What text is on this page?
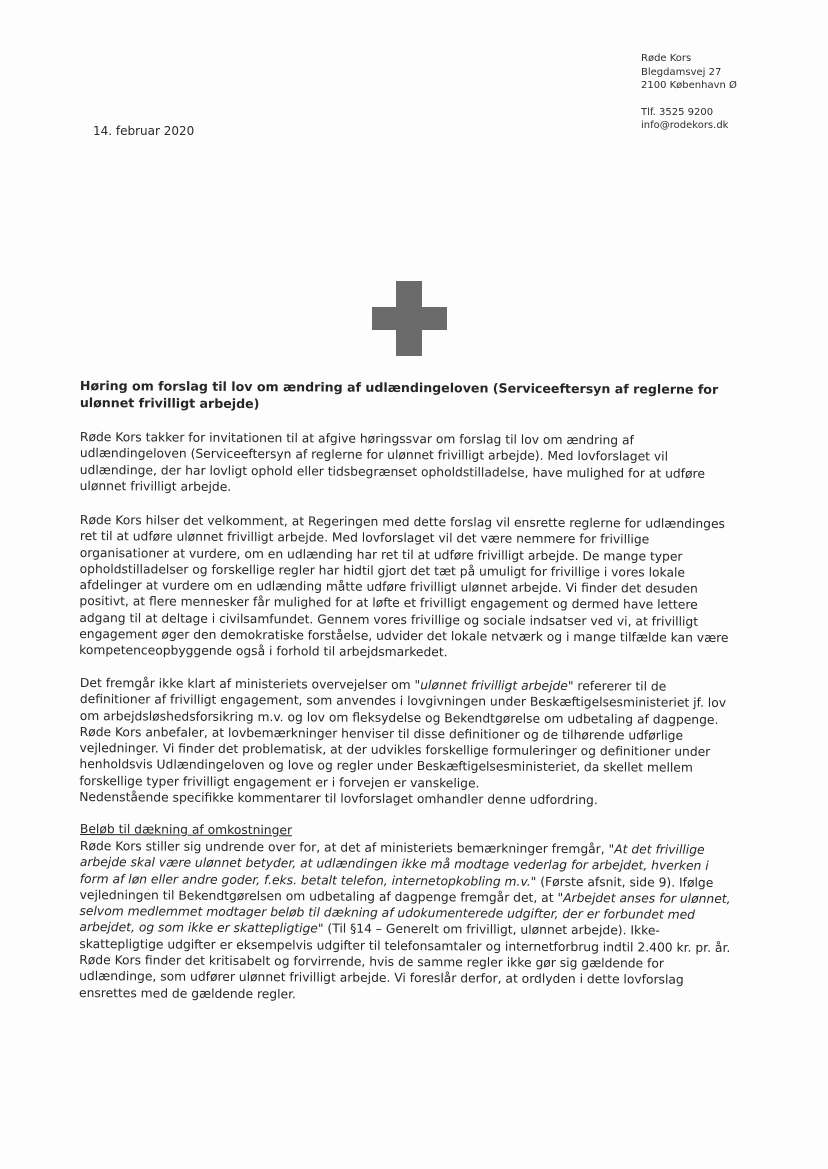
Røde Kors
Blegdamsvej 27
2100 København Ø
Tlf. 3525 9200
info@rodekors.dk
14. februar 2020

Høring om forslag til lov om ændring af udlændingeloven (Serviceeftersyn af reglerne for ulønnet frivilligt arbejde)

Røde Kors takker for invitationen til at afgive høringssvar om forslag til lov om ændring af udlændingeloven (Serviceeftersyn af reglerne for ulønnet frivilligt arbejde). Med lovforslaget vil udlændinge, der har lovligt ophold eller tidsbegrænset opholdstilladelse, have mulighed for at udføre ulønnet frivilligt arbejde.

Røde Kors hilser det velkomment, at Regeringen med dette forslag vil ensrette reglerne for udlændinges ret til at udføre ulønnet frivilligt arbejde. Med lovforslaget vil det være nemmere for frivillige organisationer at vurdere, om en udlænding har ret til at udføre frivilligt arbejde. De mange typer opholdstilladelser og forskellige regler har hidtil gjort det tæt på umuligt for frivillige i vores lokale afdelinger at vurdere om en udlænding måtte udføre frivilligt ulønnet arbejde. Vi finder det desuden positivt, at flere mennesker får mulighed for at løfte et frivilligt engagement og dermed have lettere adgang til at deltage i civilsamfundet. Gennem vores frivillige og sociale indsatser ved vi, at frivilligt engagement øger den demokratiske forståelse, udvider det lokale netværk og i mange tilfælde kan være kompetenceopbyggende også i forhold til arbejdsmarkedet.

Det fremgår ikke klart af ministeriets overvejelser om "ulønnet frivilligt arbejde" refererer til de definitioner af frivilligt engagement, som anvendes i lovgivningen under Beskæftigelsesministeriet jf. lov om arbejdsløshedsforsikring m.v. og lov om fleksydelse og Bekendtgørelse om udbetaling af dagpenge. Røde Kors anbefaler, at lovbemærkninger henviser til disse definitioner og de tilhørende udførlige vejledninger. Vi finder det problematisk, at der udvikles forskellige formuleringer og definitioner under henholdsvis Udlændingeloven og love og regler under Beskæftigelsesministeriet, da skellet mellem forskellige typer frivilligt engagement er i forvejen er vanskelige.
Nedenstående specifikke kommentarer til lovforslaget omhandler denne udfordring.

Beløb til dækning af omkostninger

Røde Kors stiller sig undrende over for, at det af ministeriets bemærkninger fremgår, "At det frivillige arbejde skal være ulønnet betyder, at udlændingen ikke må modtage vederlag for arbejdet, hverken i form af løn eller andre goder, f.eks. betalt telefon, internetopkobling m.v." (Første afsnit, side 9). Ifølge vejledningen til Bekendtgørelsen om udbetaling af dagpenge fremgår det, at "Arbejdet anses for ulønnet, selvom medlemmet modtager beløb til dækning af udokumenterede udgifter, der er forbundet med arbejdet, og som ikke er skattepligtige" (Til §14 – Generelt om frivilligt, ulønnet arbejde). Ikke-skattepligtige udgifter er eksempelvis udgifter til telefonsamtaler og internetforbrug indtil 2.400 kr. pr. år. Røde Kors finder det kritisabelt og forvirrende, hvis de samme regler ikke gør sig gældende for udlændinge, som udfører ulønnet frivilligt arbejde. Vi foreslår derfor, at ordlyden i dette lovforslag ensrettes med de gældende regler.
